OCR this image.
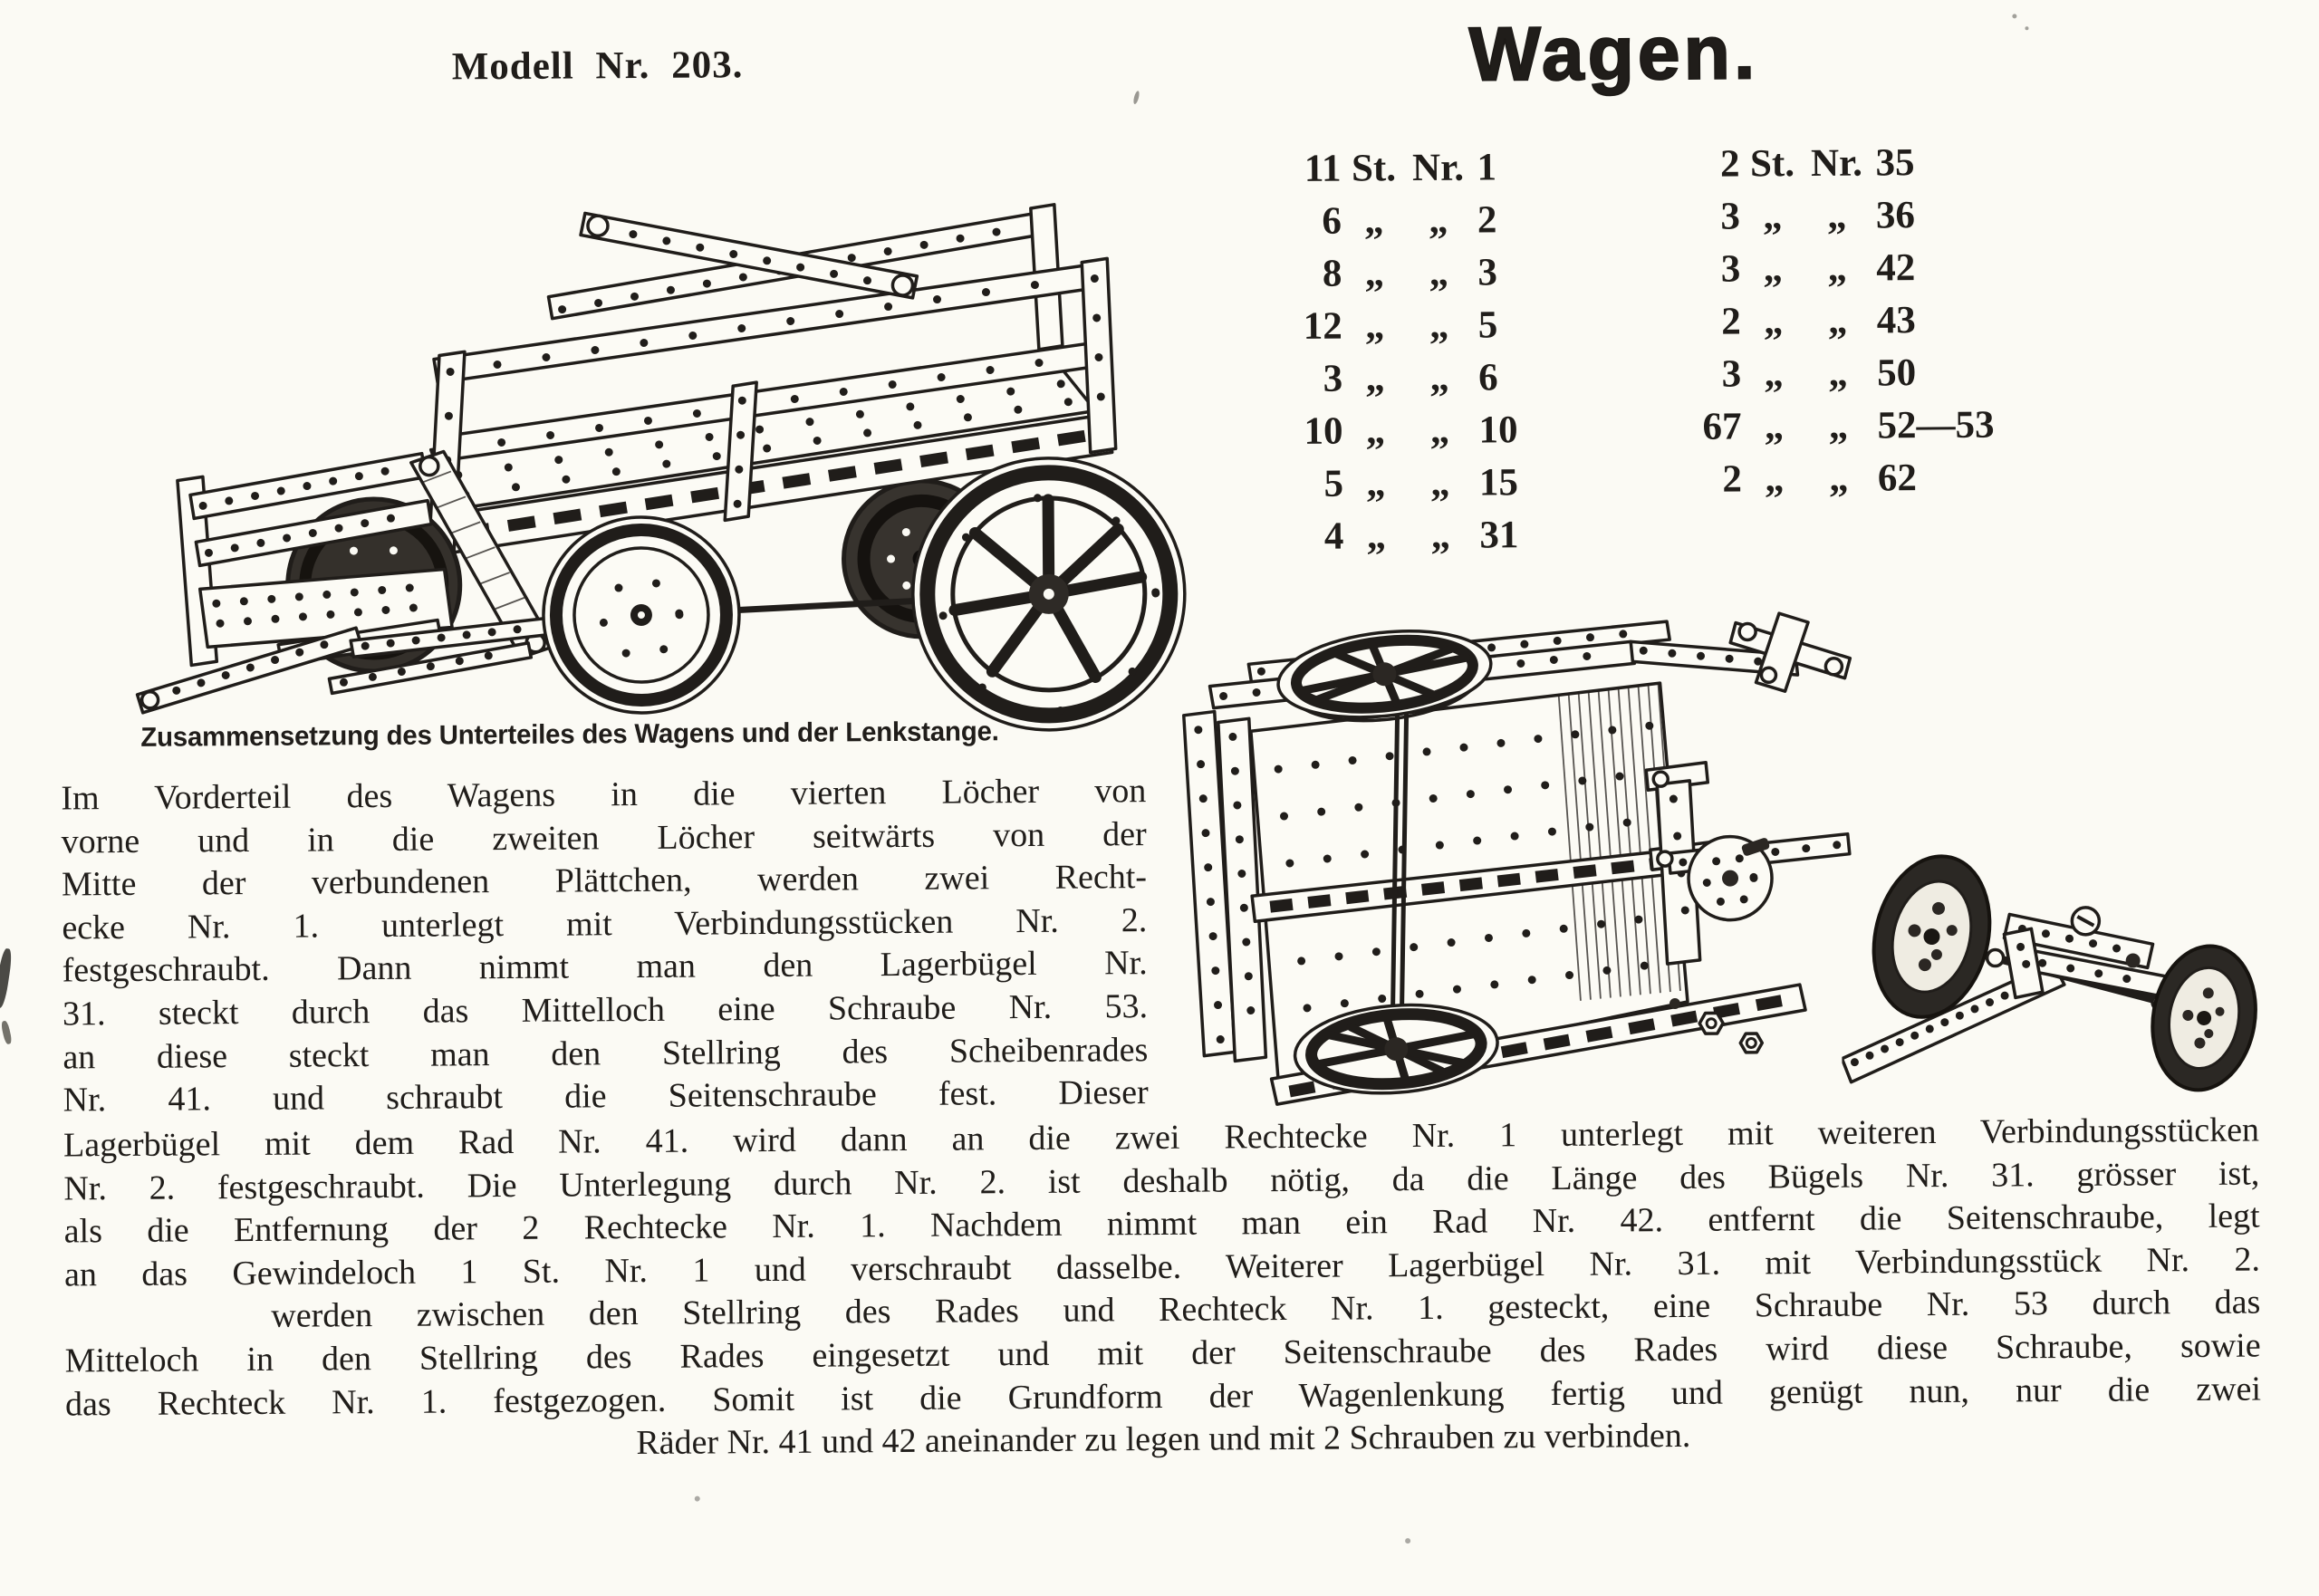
Modell Nr. 203.	Wagen.
11 St. Nr. 1
6 „	„ 2
8 „	„ 3
12 „	„ 5
3 „	„ 6
10 „	„ 10
5 „	„ 15
4 „	„ 31
2 St. Nr. 35
3 „	„ 36
3 „	„ 42
2 „	„ 43
3 „	„ 50
67 „	„ 52—53
2 „	„ 62
Zusammensetzung des Unterteiles des Wagens und der Lenkstange.
Im Vorderteil des Wagens in die vierten Löcher von
vorne und in die zweiten Löcher seitwärts von der
Mitte der verbundenen Plättchen, werden zwei Recht-
ecke Nr. 1. unterlegt mit Verbindungsstücken Nr. 2.
festgeschraubt. Dann nimmt man den Lagerbügel Nr.
31. steckt durch das Mittelloch eine Schraube Nr. 53.
an diese steckt man den Stellring des Scheibenrades
Nr. 41. und schraubt die Seitenschraube fest. Dieser
Lagerbügel mit dem Rad Nr. 41. wird dann an die zwei Rechtecke Nr. 1 unterlegt mit weiteren Verbindungsstücken
Nr. 2. festgeschraubt. Die Unterlegung durch Nr. 2. ist deshalb nötig, da die Länge des Bügels Nr. 31. grösser ist,
als die Entfernung der 2 Rechtecke Nr. 1. Nachdem nimmt man ein Rad Nr. 42. entfernt die Seitenschraube, legt
an das Gewindeloch 1 St. Nr. 1 und verschraubt dasselbe. Weiterer Lagerbügel Nr. 31. mit Verbindungsstück Nr. 2.
werden zwischen den Stellring des Rades und Rechteck Nr. 1. gesteckt, eine Schraube Nr. 53 durch das
Mitteloch in den Stellring des Rades eingesetzt und mit der Seitenschraube des Rades wird diese Schraube, sowie
das Rechteck Nr. 1. festgezogen. Somit ist die Grundform der Wagenlenkung fertig und genügt nun, nur die zwei
Räder Nr. 41 und 42 aneinander zu legen und mit 2 Schrauben zu verbinden.
